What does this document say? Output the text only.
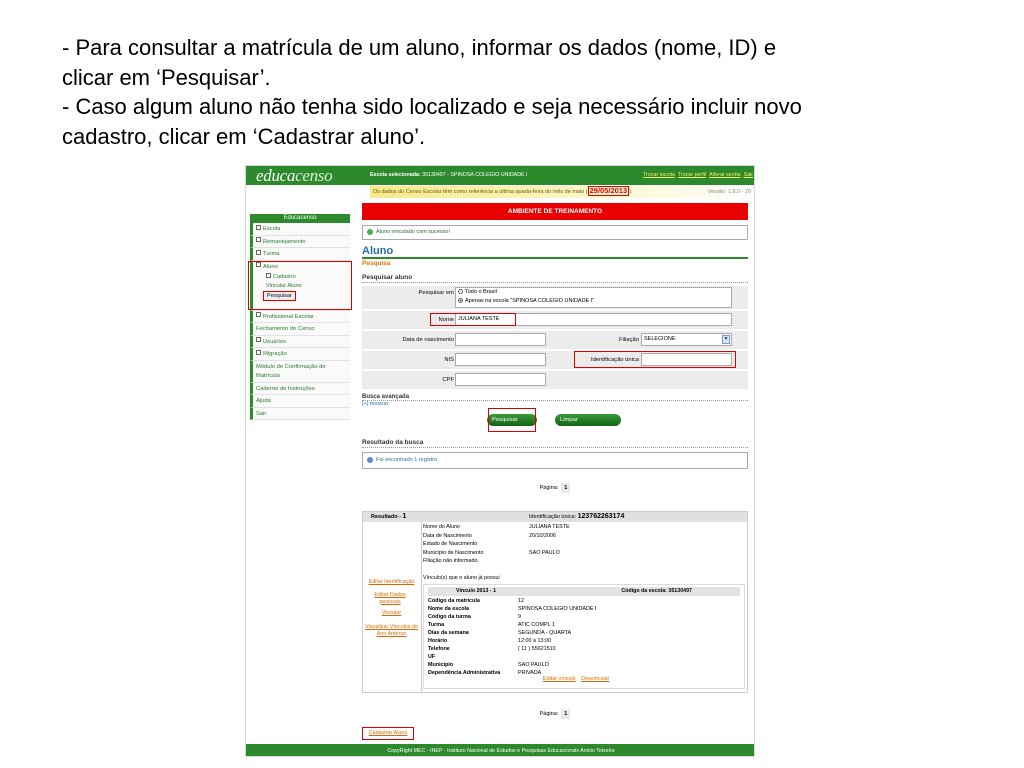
- Para consultar a matrícula de um aluno, informar os dados (nome, ID) e

clicar em ‘Pesquisar’.

- Caso algum aluno não tenha sido localizado e seja necessário incluir novo

cadastro, clicar em ‘Cadastrar aluno’.

educacenso	Escola selecionada: 35130497 - SPINOSA COLEGIO UNIDADE I	Trocar escola Trocar perfil Alterar senha Sair
Os dados do Censo Escolar têm como referência a última quarta-feira do mês de maio ( 29/05/2013 ).	Versão: 1.8.0 - 20
Educacenso
Escola
Remanejamento
Turma
Aluno
Cadastro
Vincular Aluno
Pesquisar
Profissional Escolar
Fechamento do Censo
Usuários
Migração
Módulo de Confirmação de Matrícula
Caderno de Instruções
Ajuda
Sair
AMBIENTE DE TREINAMENTO
Aluno vinculado com sucesso!
Aluno
Pesquisa
Pesquisar aluno
Pesquisar em	Todo o Brasil
Apenas na escola "SPINOSA COLEGIO UNIDADE I"
Nome JULIANA TESTE
Data de nascimento	Filiação SELECIONE	▼
NIS	Identificação única
CPF
Busca avançada
[+] mostrar
Pesquisar	Limpar
Resultado da busca
Foi encontrado 1 registro.
Página: 1
Resultado - 1	Identificação única: 123762263174
Nome do Aluno	JULIANA TESTE
Data de Nascimento	20/10/2006
Estado de Nascimento
Município de Nascimento	SAO PAULO
Filiação não informado.
Editar Identificação
Vínculo(s) que o aluno já possui
Editar Dados pessoais
Vincular
Visualizar Vínculos do Ano Anterior
Vínculo 2013 - 1	Código da escola: 35130497
Código da matrícula	12
Nome da escola	SPINOSA COLEGIO UNIDADE I
Código da turma	9
Turma	ATIC COMPL 1
Dias da semana	SEGUNDA - QUARTA
Horário	12:00 à 13:00
Telefone	( 11 ) 55621510
UF
Município	SAO PAULO
Dependência Administrativa	PRIVADA
Editar vínculo Desvincular
Página: 1
Cadastrar Aluno
CopyRight MEC - INEP - Instituto Nacional de Estudos e Pesquisas Educacionais Anísio Teixeira
